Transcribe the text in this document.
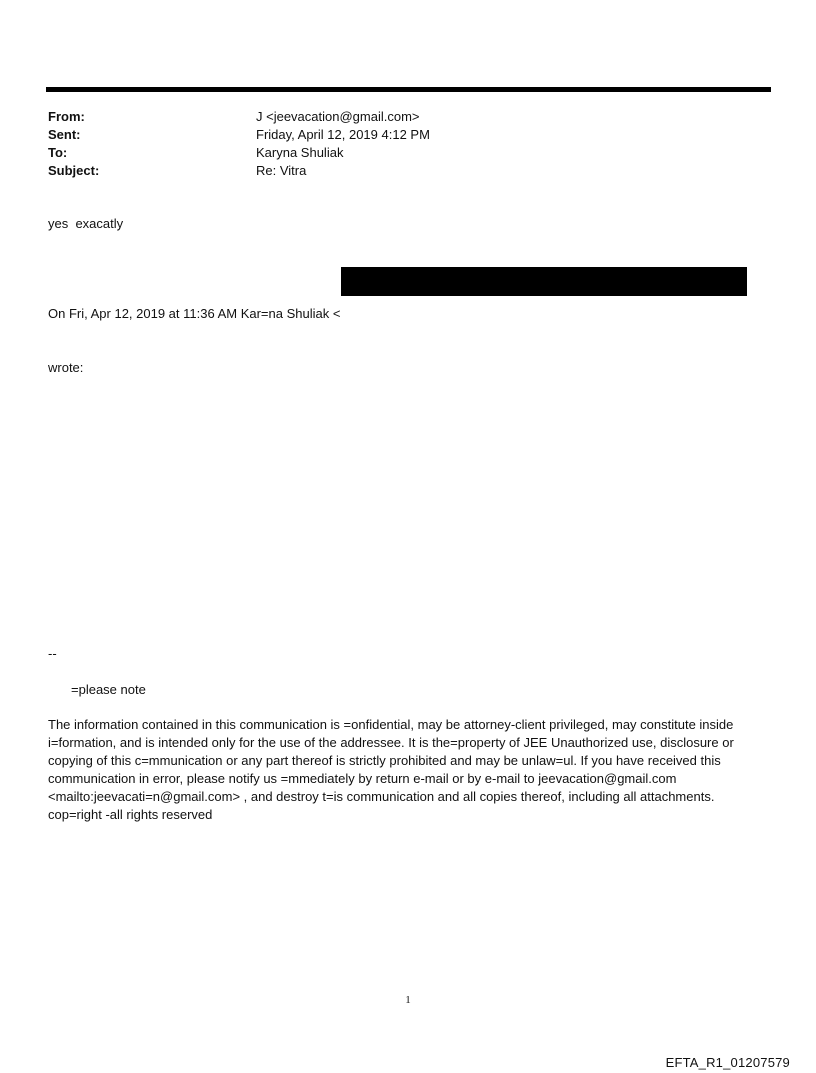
From:	J <jeevacation@gmail.com>
Sent:	Friday, April 12, 2019 4:12 PM
To:	Karyna Shuliak
Subject:	Re: Vitra
yes  exacatly

On Fri, Apr 12, 2019 at 11:36 AM Kar=na Shuliak <

wrote:

--
=please note
The information contained in this communication is =onfidential, may be attorney-client privileged, may constitute inside i=formation, and is intended only for the use of the addressee. It is the=property of JEE Unauthorized use, disclosure or copying of this c=mmunication or any part thereof is strictly prohibited and may be unlaw=ul. If you have received this communication in error, please notify us =mmediately by return e-mail or by e-mail to jeevacation@gmail.com <mailto:jeevacati=n@gmail.com> , and destroy t=is communication and all copies thereof, including all attachments. cop=right -all rights reserved
1
EFTA_R1_01207579
